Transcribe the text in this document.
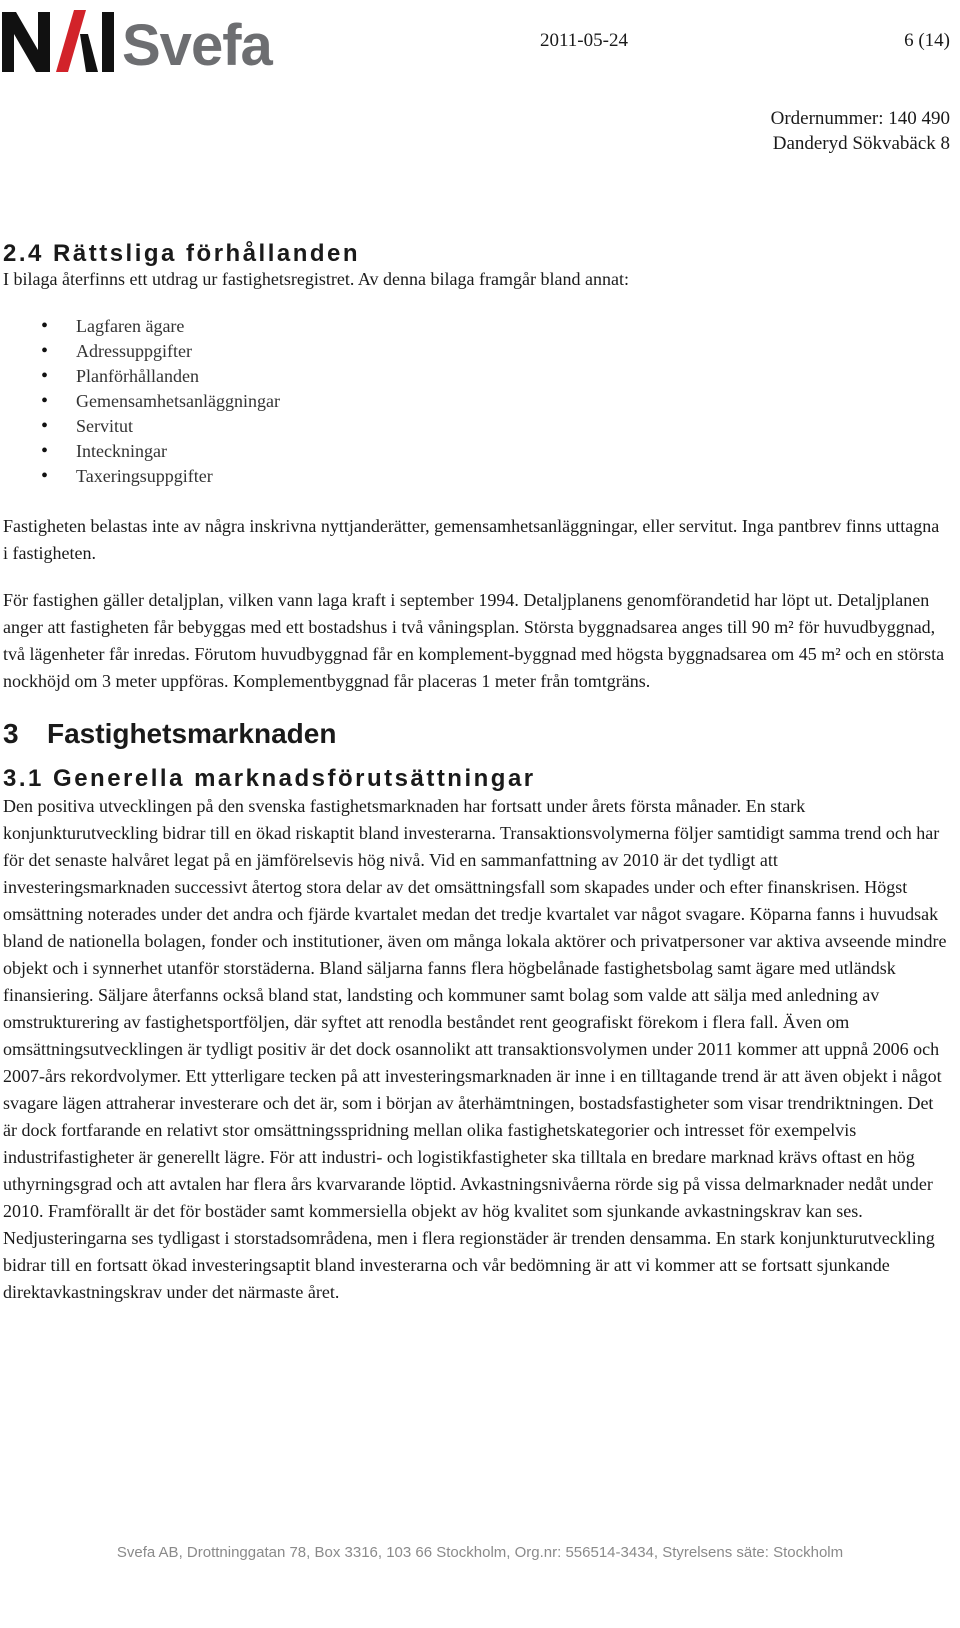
Svefa	2011-05-24	6 (14)
Ordernummer: 140 490
Danderyd Sökvabäck 8
2.4 Rättsliga förhållanden

I bilaga återfinns ett utdrag ur fastighetsregistret. Av denna bilaga framgår bland annat:

• Lagfaren ägare
• Adressuppgifter
• Planförhållanden
• Gemensamhetsanläggningar
• Servitut
• Inteckningar
• Taxeringsuppgifter

Fastigheten belastas inte av några inskrivna nyttjanderätter, gemensamhetsanläggningar, eller servitut. Inga pantbrev finns uttagna i fastigheten.

För fastighen gäller detaljplan, vilken vann laga kraft i september 1994. Detaljplanens genomförandetid har löpt ut. Detaljplanen anger att fastigheten får bebyggas med ett bostadshus i två våningsplan. Största byggnadsarea anges till 90 m² för huvudbyggnad, två lägenheter får inredas. Förutom huvudbyggnad får en komplement-byggnad med högsta byggnadsarea om 45 m² och en största nockhöjd om 3 meter uppföras. Komplementbyggnad får placeras 1 meter från tomtgräns.

3 Fastighetsmarknaden
3.1 Generella marknadsförutsättningar

Den positiva utvecklingen på den svenska fastighetsmarknaden har fortsatt under årets första månader. En stark konjunkturutveckling bidrar till en ökad riskaptit bland investerarna. Transaktionsvolymerna följer samtidigt samma trend och har för det senaste halvåret legat på en jämförelsevis hög nivå. Vid en sammanfattning av 2010 är det tydligt att investeringsmarknaden successivt återtog stora delar av det omsättningsfall som skapades under och efter finanskrisen. Högst omsättning noterades under det andra och fjärde kvartalet medan det tredje kvartalet var något svagare. Köparna fanns i huvudsak bland de nationella bolagen, fonder och institutioner, även om många lokala aktörer och privatpersoner var aktiva avseende mindre objekt och i synnerhet utanför storstäderna. Bland säljarna fanns flera högbelånade fastighetsbolag samt ägare med utländsk finansiering. Säljare återfanns också bland stat, landsting och kommuner samt bolag som valde att sälja med anledning av omstrukturering av fastighetsportföljen, där syftet att renodla beståndet rent geografiskt förekom i flera fall. Även om omsättningsutvecklingen är tydligt positiv är det dock osannolikt att transaktionsvolymen under 2011 kommer att uppnå 2006 och 2007-års rekordvolymer. Ett ytterligare tecken på att investeringsmarknaden är inne i en tilltagande trend är att även objekt i något svagare lägen attraherar investerare och det är, som i början av återhämtningen, bostadsfastigheter som visar trendriktningen. Det är dock fortfarande en relativt stor omsättningsspridning mellan olika fastighetskategorier och intresset för exempelvis industrifastigheter är generellt lägre. För att industri- och logistikfastigheter ska tilltala en bredare marknad krävs oftast en hög uthyrningsgrad och att avtalen har flera års kvarvarande löptid. Avkastningsnivåerna rörde sig på vissa delmarknader nedåt under 2010. Framförallt är det för bostäder samt kommersiella objekt av hög kvalitet som sjunkande avkastningskrav kan ses. Nedjusteringarna ses tydligast i storstadsområdena, men i flera regionstäder är trenden densamma. En stark konjunkturutveckling bidrar till en fortsatt ökad investeringsaptit bland investerarna och vår bedömning är att vi kommer att se fortsatt sjunkande direktavkastningskrav under det närmaste året.

Svefa AB, Drottninggatan 78, Box 3316, 103 66 Stockholm, Org.nr: 556514-3434, Styrelsens säte: Stockholm
